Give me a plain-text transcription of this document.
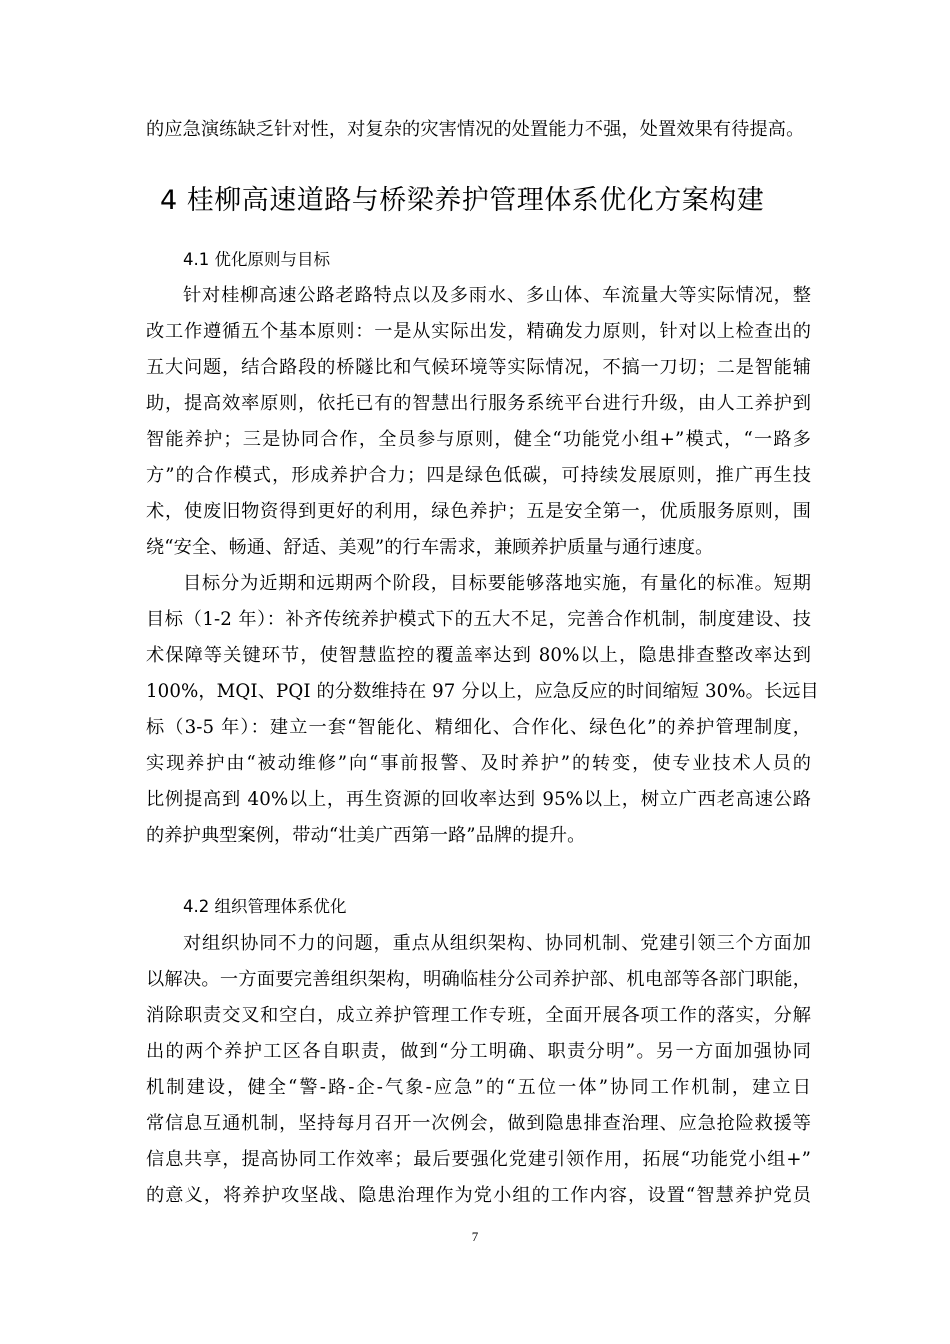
的应急演练缺乏针对性，对复杂的灾害情况的处置能力不强，处置效果有待提高。
4 桂柳高速道路与桥梁养护管理体系优化方案构建
4.1 优化原则与目标
针对桂柳高速公路老路特点以及多雨水、多山体、车流量大等实际情况，整
改工作遵循五个基本原则：一是从实际出发，精确发力原则，针对以上检查出的
五大问题，结合路段的桥隧比和气候环境等实际情况，不搞一刀切；二是智能辅
助，提高效率原则，依托已有的智慧出行服务系统平台进行升级，由人工养护到
智能养护；三是协同合作，全员参与原则，健全“功能党小组+”模式，“一路多
方”的合作模式，形成养护合力；四是绿色低碳，可持续发展原则，推广再生技
术，使废旧物资得到更好的利用，绿色养护；五是安全第一，优质服务原则，围
绕“安全、畅通、舒适、美观”的行车需求，兼顾养护质量与通行速度。
目标分为近期和远期两个阶段，目标要能够落地实施，有量化的标准。短期
目标（1-2 年）：补齐传统养护模式下的五大不足，完善合作机制，制度建设、技
术保障等关键环节，使智慧监控的覆盖率达到 80%以上，隐患排查整改率达到
100%，MQI、PQI 的分数维持在 97 分以上，应急反应的时间缩短 30%。长远目
标（3-5 年）：建立一套“智能化、精细化、合作化、绿色化”的养护管理制度，
实现养护由“被动维修”向“事前报警、及时养护”的转变，使专业技术人员的
比例提高到 40%以上，再生资源的回收率达到 95%以上，树立广西老高速公路
的养护典型案例，带动“壮美广西第一路”品牌的提升。
4.2 组织管理体系优化
对组织协同不力的问题，重点从组织架构、协同机制、党建引领三个方面加
以解决。一方面要完善组织架构，明确临桂分公司养护部、机电部等各部门职能，
消除职责交叉和空白，成立养护管理工作专班，全面开展各项工作的落实，分解
出的两个养护工区各自职责，做到“分工明确、职责分明”。另一方面加强协同
机制建设，健全“警-路-企-气象-应急”的“五位一体”协同工作机制，建立日
常信息互通机制，坚持每月召开一次例会，做到隐患排查治理、应急抢险救援等
信息共享，提高协同工作效率；最后要强化党建引领作用，拓展“功能党小组+”
的意义，将养护攻坚战、隐患治理作为党小组的工作内容，设置“智慧养护党员
7
